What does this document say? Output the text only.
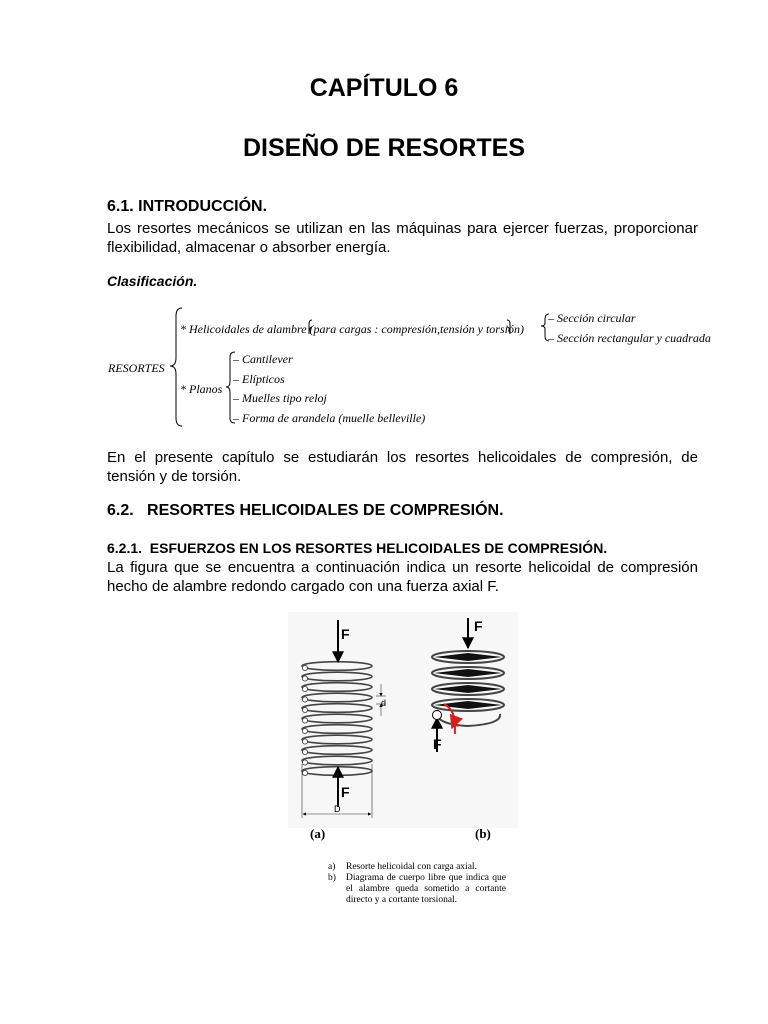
CAPÍTULO 6
DISEÑO DE RESORTES
6.1. INTRODUCCIÓN.
Los resortes mecánicos se utilizan en las máquinas para ejercer fuerzas, proporcionar
flexibilidad, almacenar o absorber energía.
Clasificación.
* Helicoidales de alambre (para cargas : compresión,tensión y torsión)
– Sección circular
– Sección rectangular y cuadrada
RESORTES
* Planos
– Cantilever
– Elípticos
– Muelles tipo reloj
– Forma de arandela (muelle belleville)
En el presente capítulo se estudiarán los resortes helicoidales de compresión, de
tensión y de torsión.
6.2.   RESORTES HELICOIDALES DE COMPRESIÓN.
6.2.1.  ESFUERZOS EN LOS RESORTES HELICOIDALES DE COMPRESIÓN.
La figura que se encuentra a continuación indica un resorte helicoidal de compresión
hecho de alambre redondo cargado con una fuerza axial F.
F
F
d
D
F
F
T
(a)	(b)
a)	Resorte helicoidal con carga axial.
b)	Diagrama de cuerpo libre que indica que el alambre queda sometido a cortante directo y a cortante torsional.
